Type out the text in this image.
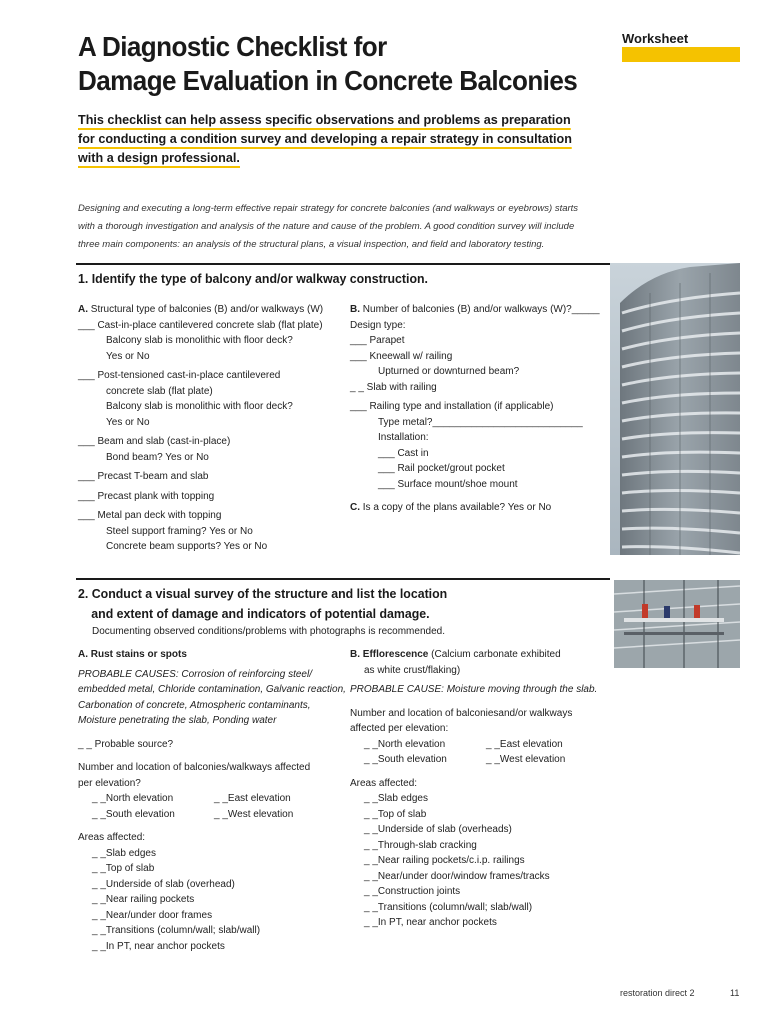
A Diagnostic Checklist for
Damage Evaluation in Concrete Balconies
Worksheet
This checklist can help assess specific observations and problems as preparation
for conducting a condition survey and developing a repair strategy in consultation
with a design professional.
Designing and executing a long-term effective repair strategy for concrete balconies (and walkways or eyebrows) starts
with a thorough investigation and analysis of the nature and cause of the problem. A good condition survey will include
three main components: an analysis of the structural plans, a visual inspection, and field and laboratory testing.
1. Identify the type of balcony and/or walkway construction.

A. Structural type of balconies (B) and/or walkways (W)

___ Cast-in-place cantilevered concrete slab (flat plate)

Balcony slab is monolithic with floor deck?

Yes or No

___ Post-tensioned cast-in-place cantilevered

concrete slab (flat plate)

Balcony slab is monolithic with floor deck?

Yes or No

___ Beam and slab (cast-in-place)

Bond beam? Yes or No

___ Precast T-beam and slab

___ Precast plank with topping

___ Metal pan deck with topping

Steel support framing? Yes or No

Concrete beam supports? Yes or No

B. Number of balconies (B) and/or walkways (W)?_____

Design type:

___ Parapet

___ Kneewall w/ railing

Upturned or downturned beam?

_ _ Slab with railing

___ Railing type and installation (if applicable)

Type metal?___________________________

Installation:

___ Cast in

___ Rail pocket/grout pocket

___ Surface mount/shoe mount

C. Is a copy of the plans available? Yes or No

2. Conduct a visual survey of the structure and list the location
and extent of damage and indicators of potential damage.
Documenting observed conditions/problems with photographs is recommended.

A. Rust stains or spots

PROBABLE CAUSES: Corrosion of reinforcing steel/

embedded metal, Chloride contamination, Galvanic reaction,

Carbonation of concrete, Atmospheric contaminants,

Moisture penetrating the slab, Ponding water

_ _ Probable source?

Number and location of balconies/walkways affected

per elevation?

_ _North elevation	_ _East elevation
_ _South elevation	_ _West elevation

Areas affected:

_ _Slab edges

_ _Top of slab

_ _Underside of slab (overhead)

_ _Near railing pockets

_ _Near/under door frames

_ _Transitions (column/wall; slab/wall)

_ _In PT, near anchor pockets

B. Efflorescence (Calcium carbonate exhibited

as white crust/flaking)

PROBABLE CAUSE: Moisture moving through the slab.

Number and location of balconiesand/or walkways

affected per elevation:

_ _North elevation	_ _East elevation
_ _South elevation	_ _West elevation

Areas affected:

_ _Slab edges

_ _Top of slab

_ _Underside of slab (overheads)

_ _Through-slab cracking

_ _Near railing pockets/c.i.p. railings

_ _Near/under door/window frames/tracks

_ _Construction joints

_ _Transitions (column/wall; slab/wall)

_ _In PT, near anchor pockets

restoration direct 2	11
